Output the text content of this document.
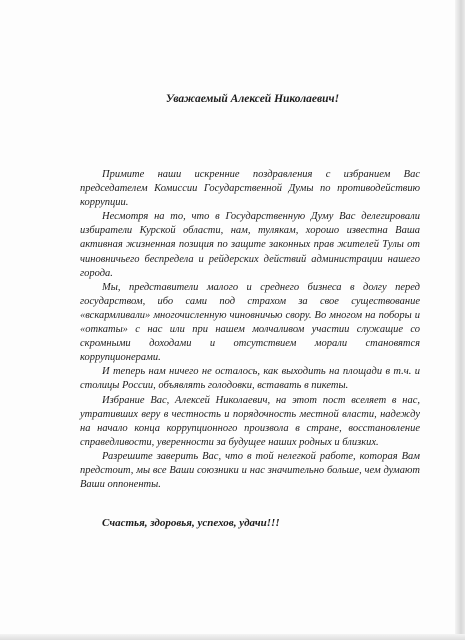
Уважаемый Алексей Николаевич!

Примите наши искренние поздравления с избранием Вас председателем Комиссии Государственной Думы по противодействию коррупции.

Несмотря на то, что в Государственную Думу Вас делегировали избиратели Курской области, нам, тулякам, хорошо известна Ваша активная жизненная позиция по защите законных прав жителей Тулы от чиновничьего беспредела и рейдерских действий администрации нашего города.

Мы, представители малого и среднего бизнеса в долгу перед государством, ибо сами под страхом за свое существование «вскармливали» многочисленную чиновничью свору. Во многом на поборы и «откаты» с нас или при нашем молчаливом участии служащие со скромными доходами и отсутствием морали становятся коррупционерами.

И теперь нам ничего не осталось, как выходить на площади в т.ч. и столицы России, объявлять голодовки, вставать в пикеты.

Избрание Вас, Алексей Николаевич, на этот пост вселяет в нас, утративших веру в честность и порядочность местной власти, надежду на начало конца коррупционного произвола в стране, восстановление справедливости, уверенности за будущее наших родных и близких.

Разрешите заверить Вас, что в той нелегкой работе, которая Вам предстоит, мы все Ваши союзники и нас значительно больше, чем думают Ваши оппоненты.

Счастья, здоровья, успехов, удачи!!!
